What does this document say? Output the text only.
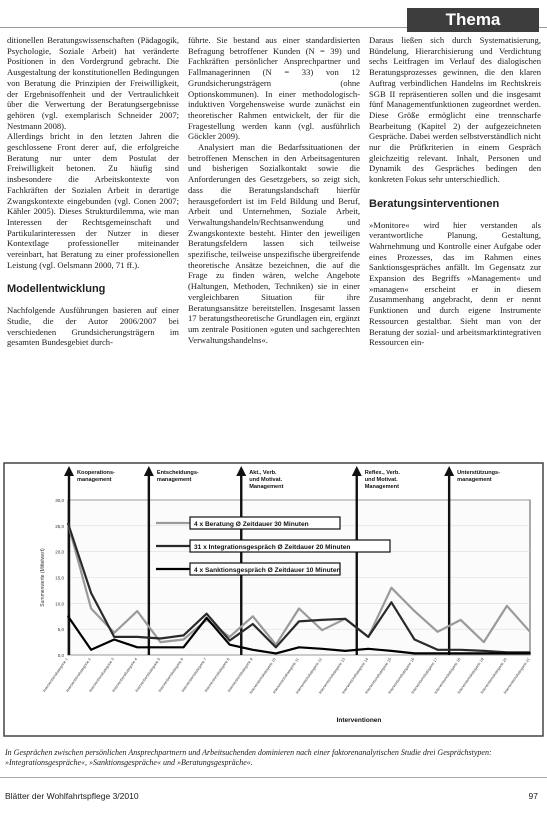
Thema

ditionellen Beratungswissenschaften (Pädagogik, Psychologie, Soziale Arbeit) hat veränderte Positionen in den Vordergrund gebracht. Die Ausgestaltung der konstitutionellen Bedingungen von Beratung die Prinzipien der Freiwilligkeit, der Ergebnisoffenheit und der Vertraulichkeit über die Verwertung der Beratungsergebnisse gehören (vgl. exemplarisch Schneider 2007; Nestmann 2008).

Allerdings bricht in den letzten Jahren die geschlossene Front derer auf, die erfolgreiche Beratung nur unter dem Postulat der Freiwilligkeit betonen. Zu häufig sind insbesondere die Arbeitskontexte von Fachkräften der Sozialen Arbeit in derartige Zwangskontexte eingebunden (vgl. Conen 2007; Kähler 2005). Dieses Strukturdilemma, wie man Interessen der Rechtsgemeinschaft und Partikularinteressen der Nutzer in dieser Kontextlage professioneller miteinander vereinbart, hat Beratung zu einer professionellen Leistung (vgl. Oelsmann 2000, 71 ff.).

Modellentwicklung

Nachfolgende Ausführungen basieren auf einer Studie, die der Autor 2006/2007 bei verschiedenen Grundsicherungsträgern im gesamten Bundesgebiet durch-

führte. Sie bestand aus einer standardisierten Befragung betroffener Kunden (N = 39) und Fachkräften persönlicher Ansprechpartner und Fallmanagerinnen (N = 33) von 12 Grundsicherungsträgern (ohne Optionskommunen). In einer methodologisch-induktiven Vorgehensweise wurde zunächst ein theoretischer Rahmen entwickelt, der für die Fragestellung werden kann (vgl. ausführlich Göckler 2009).

Analysiert man die Bedarfssituationen der betroffenen Menschen in den Arbeitsagenturen und bisherigen Sozialkontakt sowie die Anforderungen des Gesetzgebers, so zeigt sich, dass die Beratungslandschaft hierfür herausgefordert ist im Feld Bildung und Beruf, Arbeit und Unternehmen, Soziale Arbeit, Verwaltungshandeln/Rechtsanwendung und Zwangskontexte besteht. Hinter den jeweiligen Beratungsfeldern lassen sich teilweise spezifische, teilweise unspezifische übergreifende theoretische Ansätze bezeichnen, die auf die Frage zu finden wären, welche Angebote (Haltungen, Methoden, Techniken) sie in einer vergleichbaren Situation für ihre Beratungsansätze bereitstellen. Insgesamt lassen 17 beratungstheoretische Grundlagen ein, ergänzt um zentrale Positionen »guten und sachgerechten Verwaltungshandelns«.

Daraus ließen sich durch Systematisierung, Bündelung, Hierarchisierung und Verdichtung sechs Leitfragen im Verlauf des dialogischen Beratungsprozesses gewinnen, die den klaren Auftrag verbindlichen Handelns im Rechtskreis SGB II repräsentieren sollen und die insgesamt fünf Managementfunktionen zugeordnet werden. Diese Größe ermöglicht eine trennscharfe Bearbeitung (Kapitel 2) der aufgezeichneten Gespräche. Dabei werden selbstverständlich nicht nur die Prüfkriterien in einem Gespräch gleichzeitig relevant. Inhalt, Personen und Dynamik des Gespräches bedingen den konkreten Fokus sehr unterschiedlich.

Beratungsinterventionen

»Monitore« wird hier verstanden als verantwortliche Planung, Gestaltung, Wahrnehmung und Kontrolle einer Aufgabe oder eines Prozesses, das im Rahmen eines Sanktionsgespräches anfällt. Im Gegensatz zur Expansion des Begriffs »Management« und »managen« erscheint er in diesem Zusammenhang angebracht, denn er nennt Funktionen und durch eigene Instrumente Ressourcen gestaltbar. Sieht man von der Beratung der sozial- und arbeitsmarktintegrativen Ressourcen ein-

0,0
5,0
10,0
15,0
20,0
25,0
30,0
Summenwerte (Mittelwert)
Kooperations-management
Entscheidungs-management
Akt., Verb. und Motivat. Management
Reflex., Verb. und Motivat. Management
Unterstützungs-management
4 x Beratung Ø Zeitdauer 30 Minuten
31 x Integrationsgespräch Ø Zeitdauer 20 Minuten
4 x Sanktionsgespräch Ø Zeitdauer 10 Minuten
Interventionskategorie 1
Interventionskategorie 2
Interventionskategorie 3
Interventionskategorie 4
Interventionskategorie 5
Interventionskategorie 6
Interventionskategorie 7
Interventionskategorie 8
Interventionskategorie 9
Interventionskategorie 10
Interventionskategorie 11
Interventionskategorie 12
Interventionskategorie 13
Interventionskategorie 14
Interventionskategorie 15
Interventionskategorie 16
Interventionskategorie 17
Interventionskategorie 18
Interventionskategorie 19
Interventionskategorie 20
Interventionskategorie 21
Interventionen
In Gesprächen zwischen persönlichen Ansprechpartnern und Arbeitsuchenden dominieren nach einer faktorenanalytischen Studie drei Gesprächstypen: »Integrationsgespräche«, »Sanktionsgespräche« und »Beratungsgespräche«.
Blätter der Wohlfahrtspflege 3/2010	97
